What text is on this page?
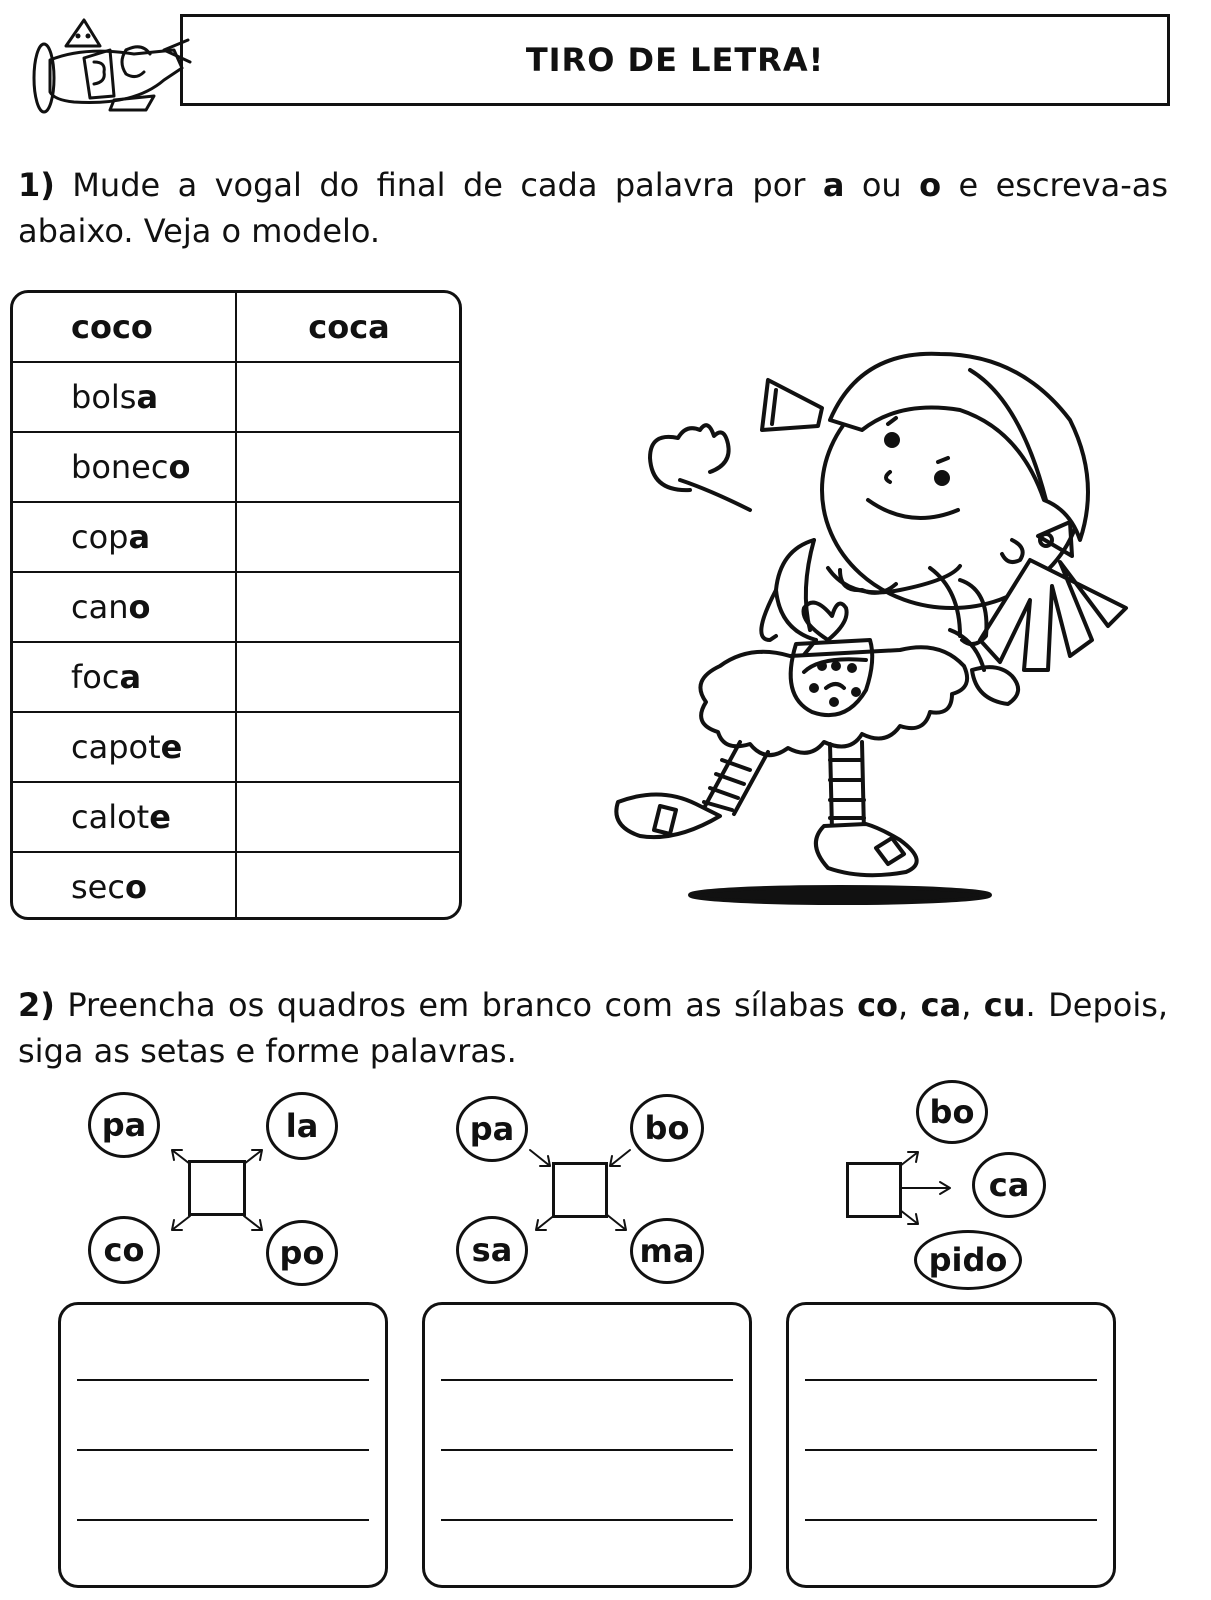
TIRO DE LETRA!

1) Mude a vogal do final de cada palavra por a ou o e escreva-as abaixo. Veja o modelo.

coco	coca
bols a
bonec o
cop a
can o
foc a
capot e
calot e
sec o

2) Preencha os quadros em branco com as sílabas co, ca, cu. Depois, siga as setas e forme palavras.

pa	la
co	po
pa	bo
sa	ma
bo
ca
pido
